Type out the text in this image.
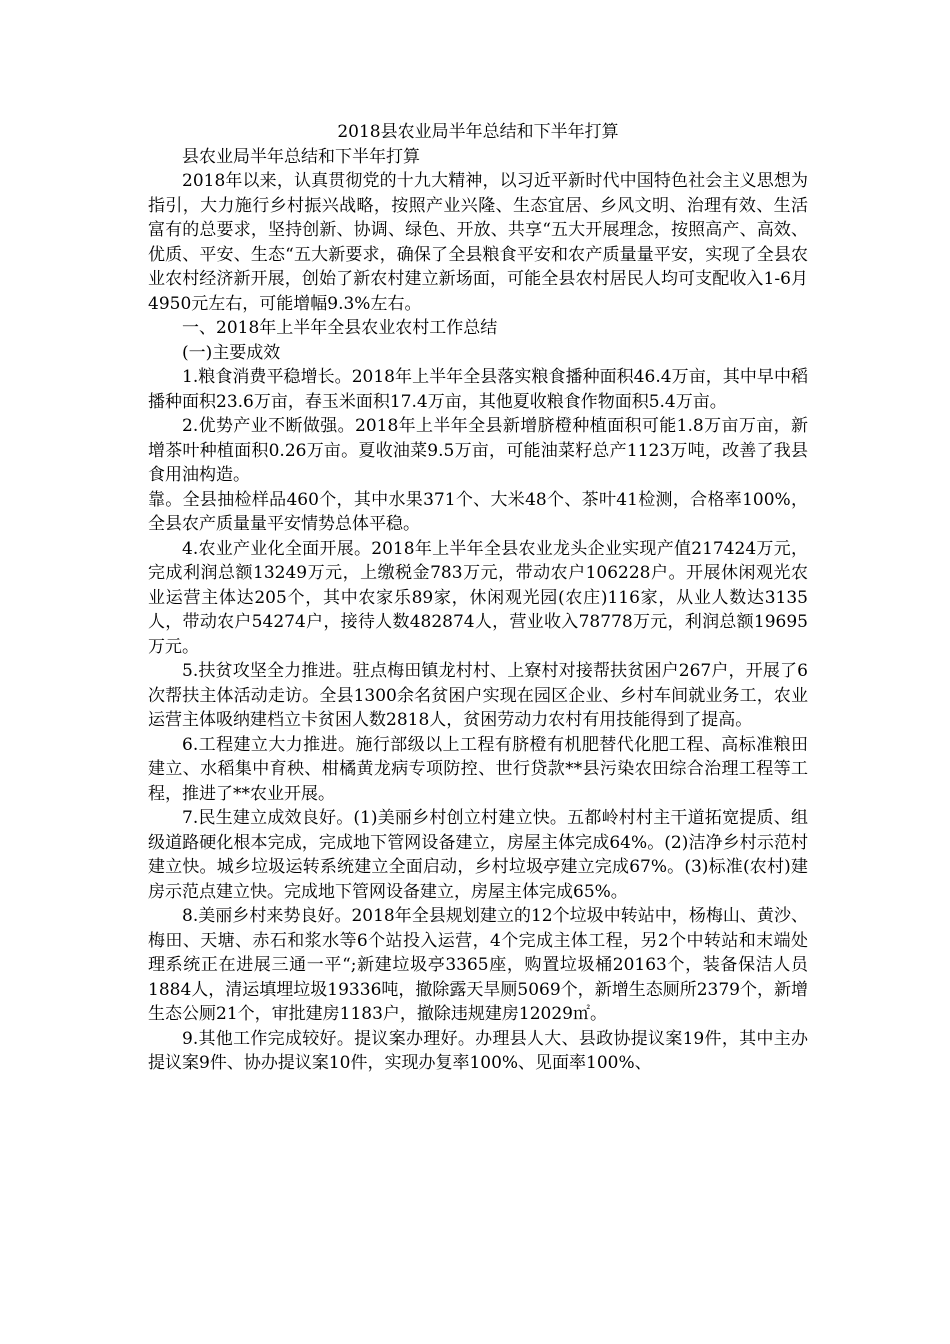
2018县农业局半年总结和下半年打算

县农业局半年总结和下半年打算

2018年以来，认真贯彻党的十九大精神，以习近平新时代中国特色社会主义思想为指引，大力施行乡村振兴战略，按照产业兴隆、生态宜居、乡风文明、治理有效、生活富有的总要求，坚持创新、协调、绿色、开放、共享“五大开展理念，按照高产、高效、优质、平安、生态“五大新要求，确保了全县粮食平安和农产质量量平安，实现了全县农业农村经济新开展，创始了新农村建立新场面，可能全县农村居民人均可支配收入1-6月4950元左右，可能增幅9.3%左右。

一、2018年上半年全县农业农村工作总结

(一)主要成效

1.粮食消费平稳增长。2018年上半年全县落实粮食播种面积46.4万亩，其中早中稻播种面积23.6万亩，春玉米面积17.4万亩，其他夏收粮食作物面积5.4万亩。

2.优势产业不断做强。2018年上半年全县新增脐橙种植面积可能1.8万亩万亩，新增茶叶种植面积0.26万亩。夏收油菜9.5万亩，可能油菜籽总产1123万吨，改善了我县食用油构造。

靠。全县抽检样品460个，其中水果371个、大米48个、茶叶41检测，合格率100%，全县农产质量量平安情势总体平稳。

4.农业产业化全面开展。2018年上半年全县农业龙头企业实现产值217424万元，完成利润总额13249万元，上缴税金783万元，带动农户106228户。开展休闲观光农业运营主体达205个，其中农家乐89家，休闲观光园(农庄)116家，从业人数达3135人，带动农户54274户，接待人数482874人，营业收入78778万元，利润总额19695万元。

5.扶贫攻坚全力推进。驻点梅田镇龙村村、上寮村对接帮扶贫困户267户，开展了6次帮扶主体活动走访。全县1300余名贫困户实现在园区企业、乡村车间就业务工，农业运营主体吸纳建档立卡贫困人数2818人，贫困劳动力农村有用技能得到了提高。

6.工程建立大力推进。施行部级以上工程有脐橙有机肥替代化肥工程、高标准粮田建立、水稻集中育秧、柑橘黄龙病专项防控、世行贷款**县污染农田综合治理工程等工程，推进了**农业开展。

7.民生建立成效良好。(1)美丽乡村创立村建立快。五都岭村村主干道拓宽提质、组级道路硬化根本完成，完成地下管网设备建立，房屋主体完成64%。(2)洁净乡村示范村建立快。城乡垃圾运转系统建立全面启动，乡村垃圾亭建立完成67%。(3)标准(农村)建房示范点建立快。完成地下管网设备建立，房屋主体完成65%。

8.美丽乡村来势良好。2018年全县规划建立的12个垃圾中转站中，杨梅山、黄沙、梅田、天塘、赤石和浆水等6个站投入运营，4个完成主体工程，另2个中转站和末端处理系统正在进展三通一平“;新建垃圾亭3365座，购置垃圾桶20163个，装备保洁人员1884人，清运填埋垃圾19336吨，撤除露天旱厕5069个，新增生态厕所2379个，新增生态公厕21个，审批建房1183户，撤除违规建房12029㎡。

9.其他工作完成较好。提议案办理好。办理县人大、县政协提议案19件，其中主办提议案9件、协办提议案10件，实现办复率100%、见面率100%、
